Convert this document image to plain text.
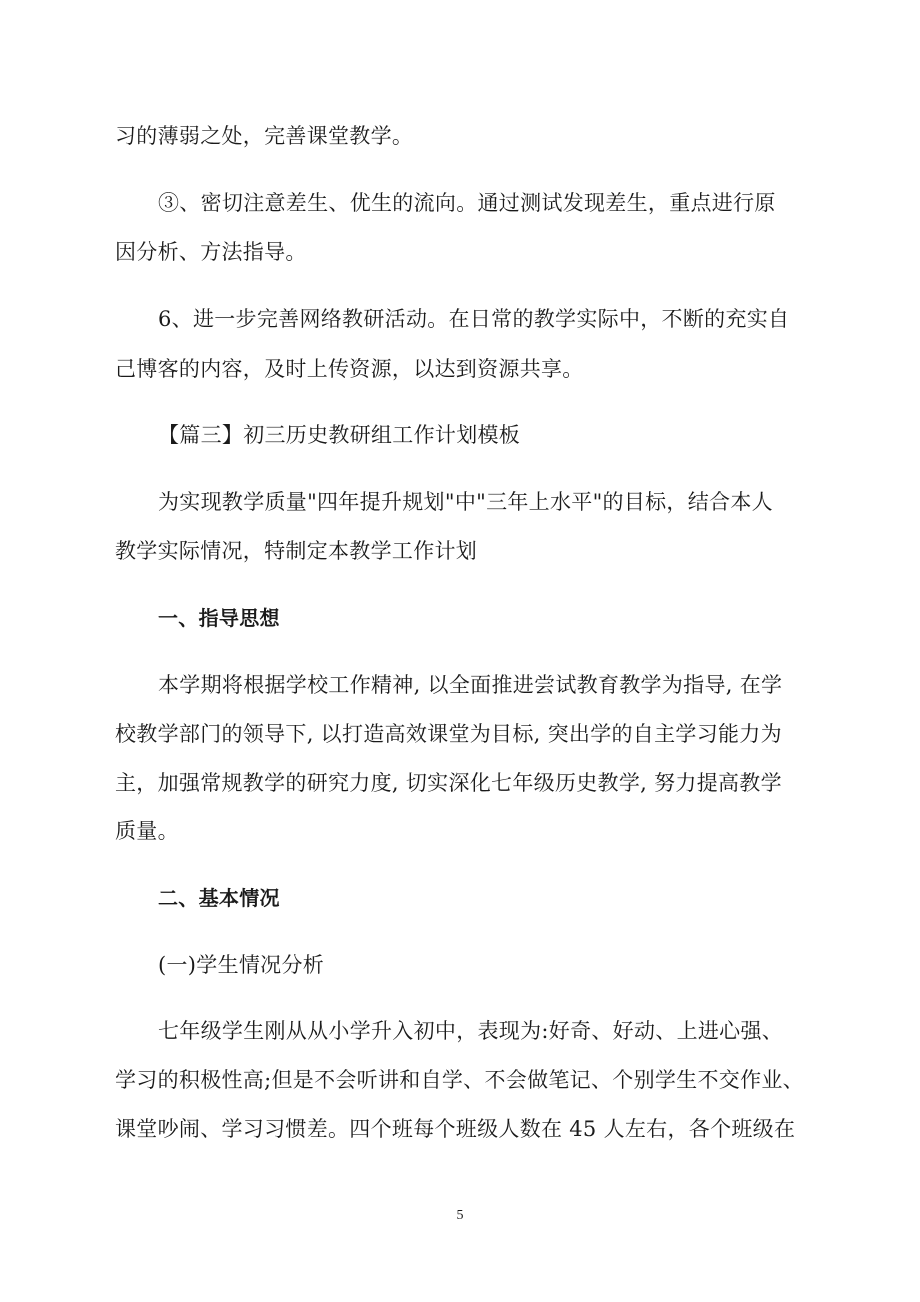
习的薄弱之处，完善课堂教学。
③、密切注意差生、优生的流向。通过测试发现差生，重点进行原
因分析、方法指导。
6、进一步完善网络教研活动。在日常的教学实际中，不断的充实自
己博客的内容，及时上传资源，以达到资源共享。
【篇三】初三历史教研组工作计划模板
为实现教学质量"四年提升规划"中"三年上水平"的目标，结合本人
教学实际情况，特制定本教学工作计划
一、指导思想
本学期将根据学校工作精神, 以全面推进尝试教育教学为指导, 在学
校教学部门的领导下, 以打造高效课堂为目标, 突出学的自主学习能力为
主，加强常规教学的研究力度, 切实深化七年级历史教学, 努力提高教学
质量。
二、基本情况
(一)学生情况分析
七年级学生刚从从小学升入初中，表现为:好奇、好动、上进心强、
学习的积极性高;但是不会听讲和自学、不会做笔记、个别学生不交作业、
课堂吵闹、学习习惯差。四个班每个班级人数在 45 人左右，各个班级在
5
